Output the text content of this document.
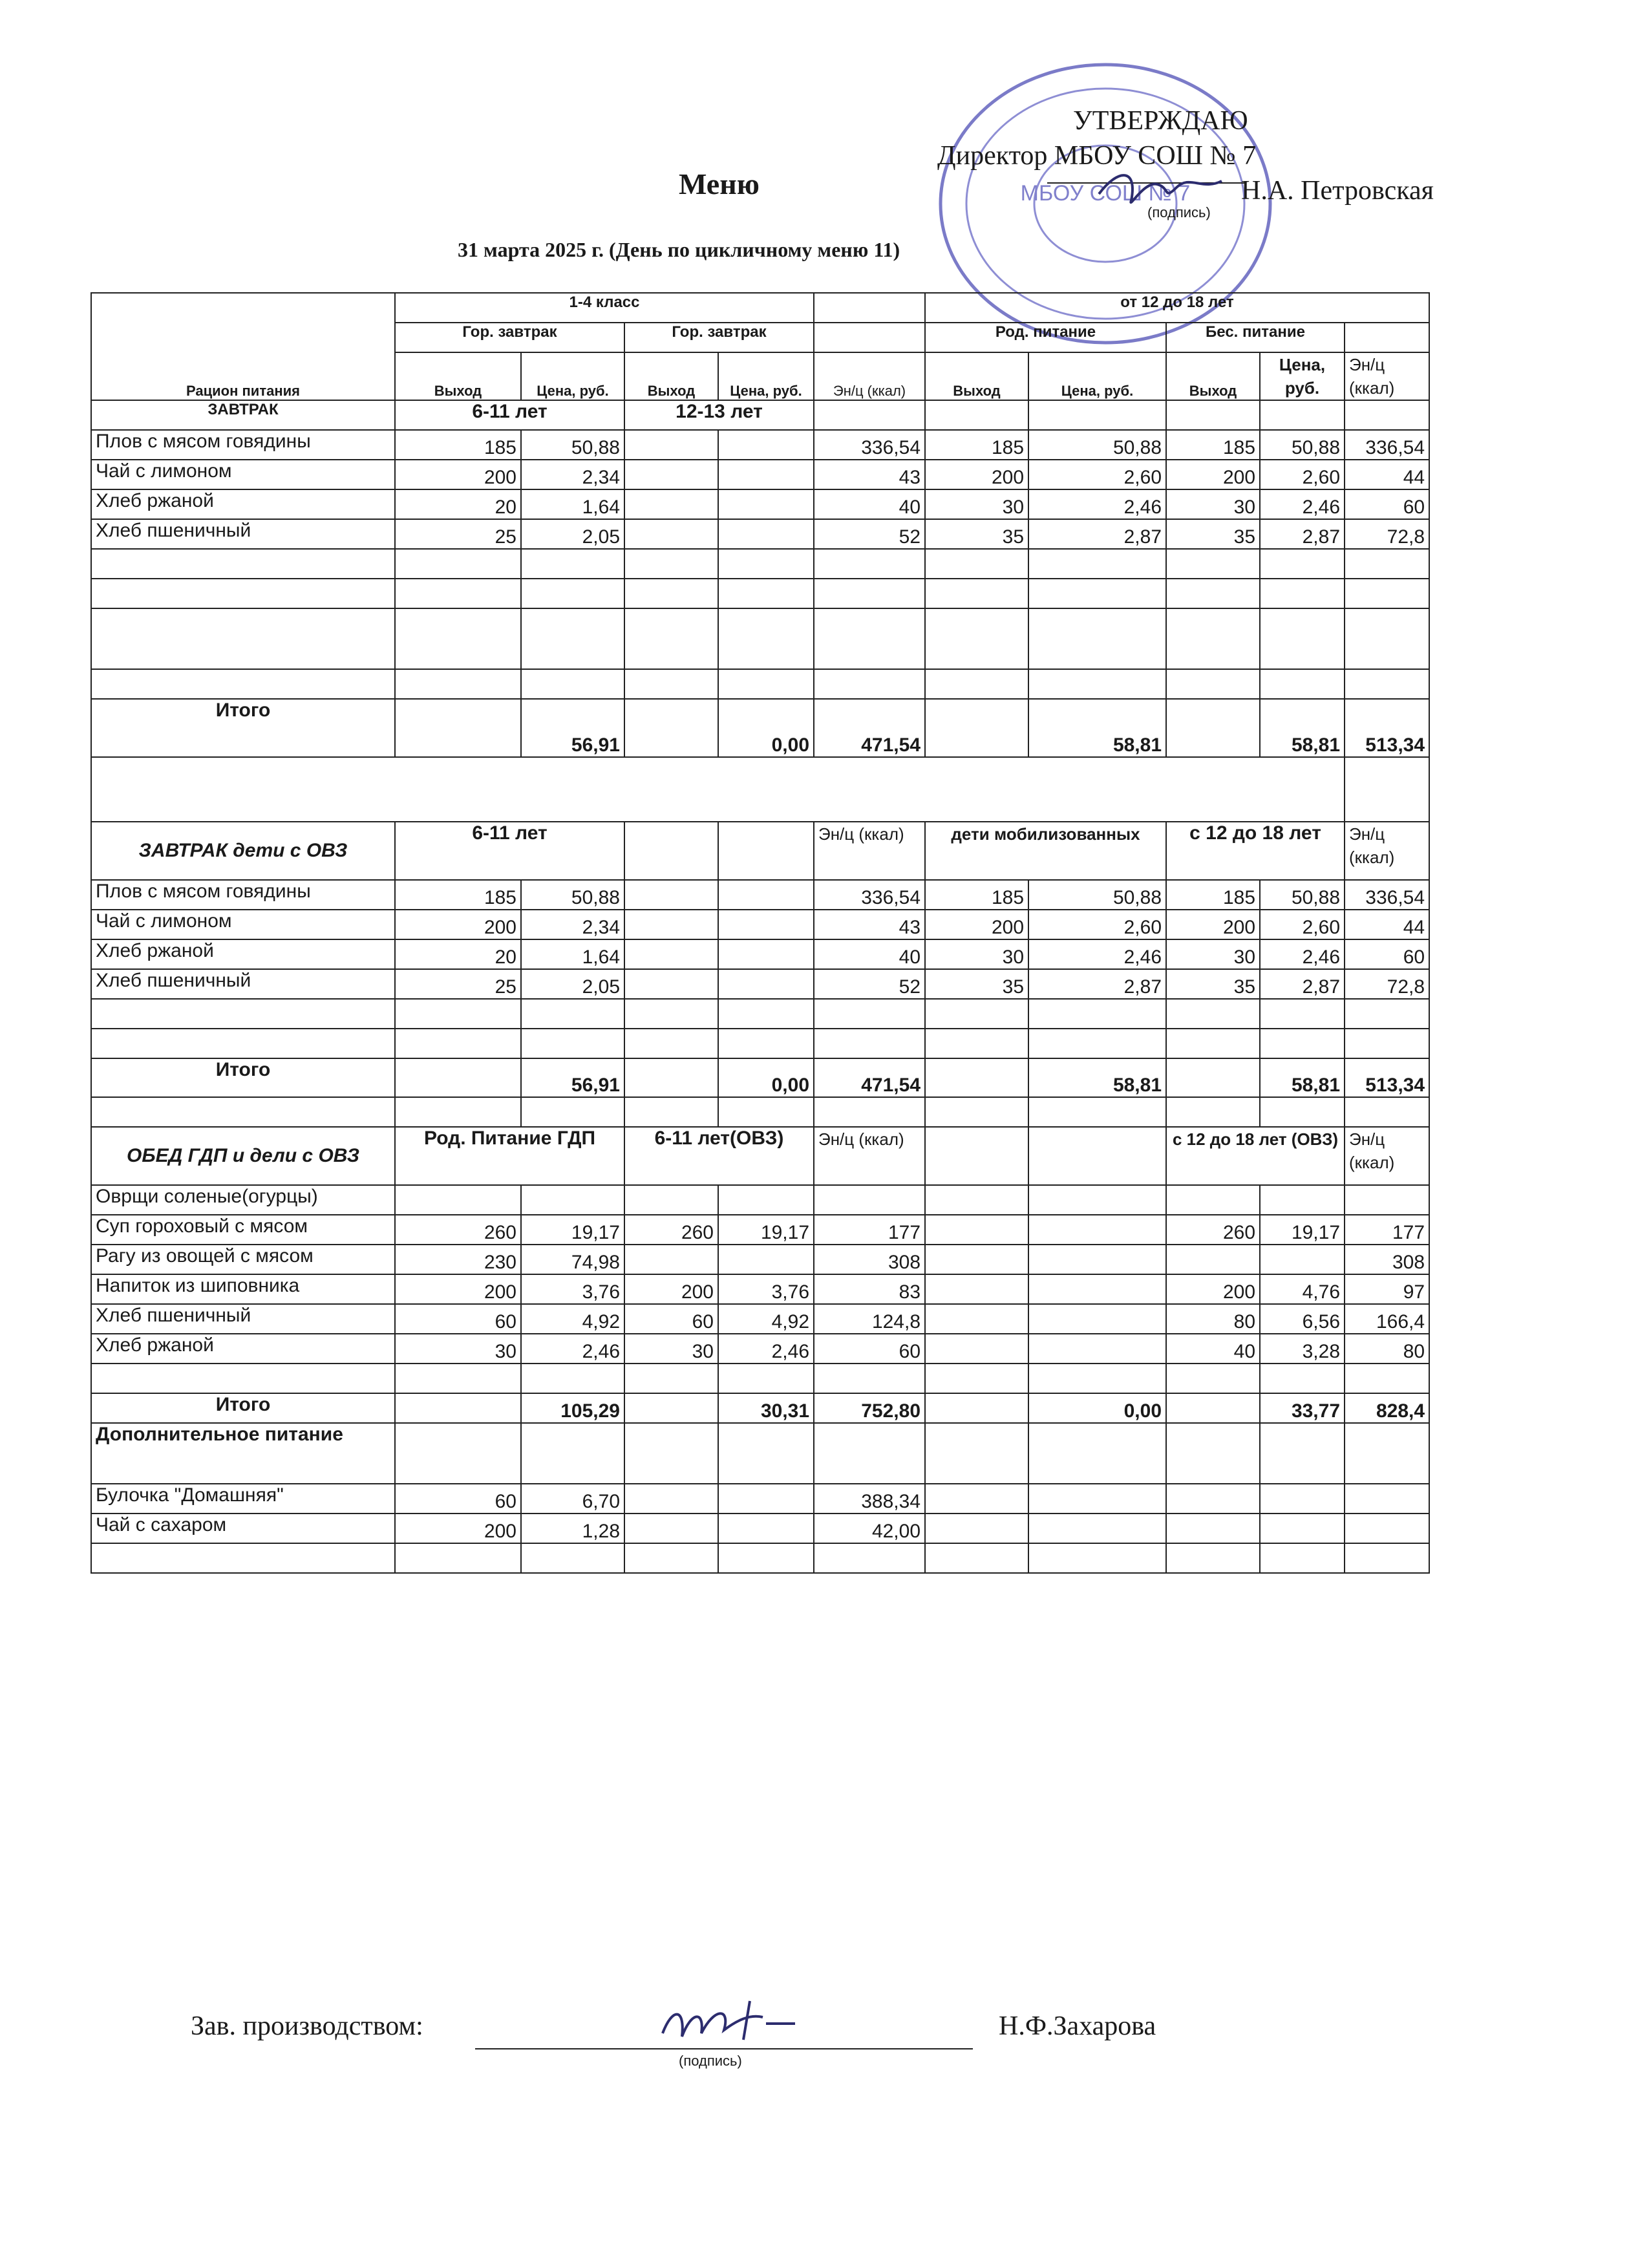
МБОУ СОШ № 7
УТВЕРЖДАЮ
Директор МБОУ СОШ № 7
Н.А. Петровская
(подпись)
Меню
31 марта 2025 г. (День по цикличному меню 11)
Рацион питания	1-4 класс					от 12 до 18 лет				
	Гор. завтрак		Гор. завтрак			Род. питание		Бес. питание		
	Выход	Цена, руб.	Выход	Цена, руб.	Эн/ц (ккал)	Выход	Цена, руб.	Выход	Цена, руб.	Эн/ц (ккал)
ЗАВТРАК	6-11 лет		12-13 лет							
Плов с мясом говядины	185	50,88			336,54	185	50,88	185	50,88	336,54
Чай с лимоном	200	2,34			43	200	2,60	200	2,60	44
Хлеб ржаной	20	1,64			40	30	2,46	30	2,46	60
Хлеб пшеничный	25	2,05			52	35	2,87	35	2,87	72,8

Итого		56,91		0,00	471,54		58,81		58,81	513,34

ЗАВТРАК дети с ОВЗ	6-11 лет				Эн/ц (ккал)	дети мобилизованных		с 12 до 18 лет		Эн/ц (ккал)
Плов с мясом говядины	185	50,88			336,54	185	50,88	185	50,88	336,54
Чай с лимоном	200	2,34			43	200	2,60	200	2,60	44
Хлеб ржаной	20	1,64			40	30	2,46	30	2,46	60
Хлеб пшеничный	25	2,05			52	35	2,87	35	2,87	72,8

Итого		56,91		0,00	471,54		58,81		58,81	513,34

ОБЕД ГДП и дели с ОВЗ	Род. Питание ГДП		6-11 лет(ОВЗ)		Эн/ц (ккал)			с 12 до 18 лет (ОВЗ)		Эн/ц (ккал)
Оврщи соленые(огурцы)										
Суп гороховый с мясом	260	19,17	260	19,17	177			260	19,17	177
Рагу из овощей с мясом	230	74,98			308					308
Напиток из шиповника	200	3,76	200	3,76	83			200	4,76	97
Хлеб пшеничный	60	4,92	60	4,92	124,8			80	6,56	166,4
Хлеб ржаной	30	2,46	30	2,46	60			40	3,28	80

Итого		105,29		30,31	752,80		0,00		33,77	828,4
Дополнительное питание										
Булочка "Домашняя"	60	6,70			388,34					
Чай с сахаром	200	1,28			42,00					

Зав. производством:
(подпись)
Н.Ф.Захарова
